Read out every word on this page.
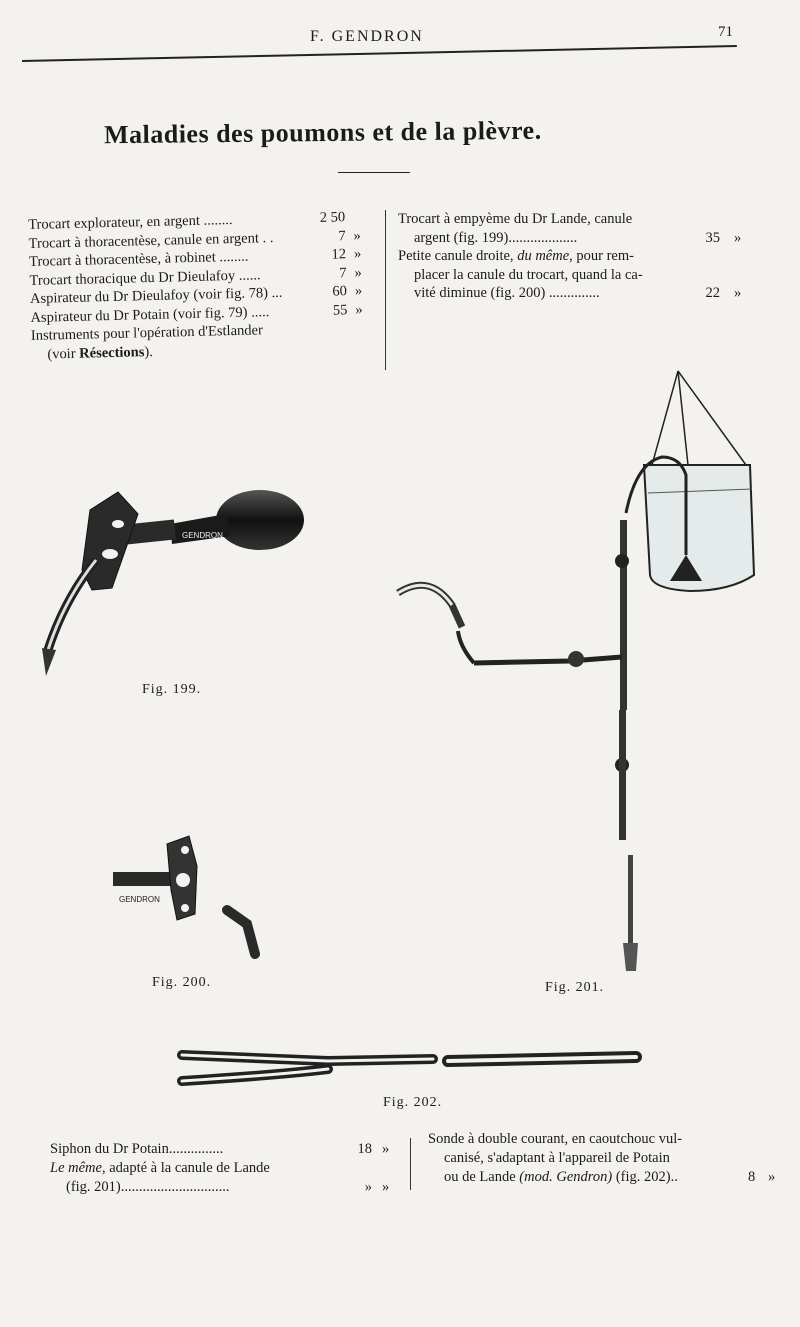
F. GENDRON	71
Maladies des poumons et de la plèvre.
Trocart explorateur, en argent ........	2 50
Trocart à thoracentèse, canule en argent . .	7 »
Trocart à thoracentèse, à robinet ........	12 »
Trocart thoracique du Dr Dieulafoy ......	7 »
Aspirateur du Dr Dieulafoy (voir fig. 78) ...	60 »
Aspirateur du Dr Potain (voir fig. 79) .....	55 »
Instruments pour l'opération d'Estlander
(voir Résections).
Trocart à empyème du Dr Lande, canule
argent (fig. 199)...................	35 »
Petite canule droite, du même, pour rem-
placer la canule du trocart, quand la ca-
vité diminue (fig. 200) ..............	22 »
GENDRON
Fig. 199.
GENDRON
Fig. 200.	Fig. 201.
Fig. 202.
Siphon du Dr Potain...............	18 »
Le même, adapté à la canule de Lande
(fig. 201)..............................	» »
Sonde à double courant, en caoutchouc vul-
canisé, s'adaptant à l'appareil de Potain
ou de Lande (mod. Gendron) (fig. 202)..	8 »
